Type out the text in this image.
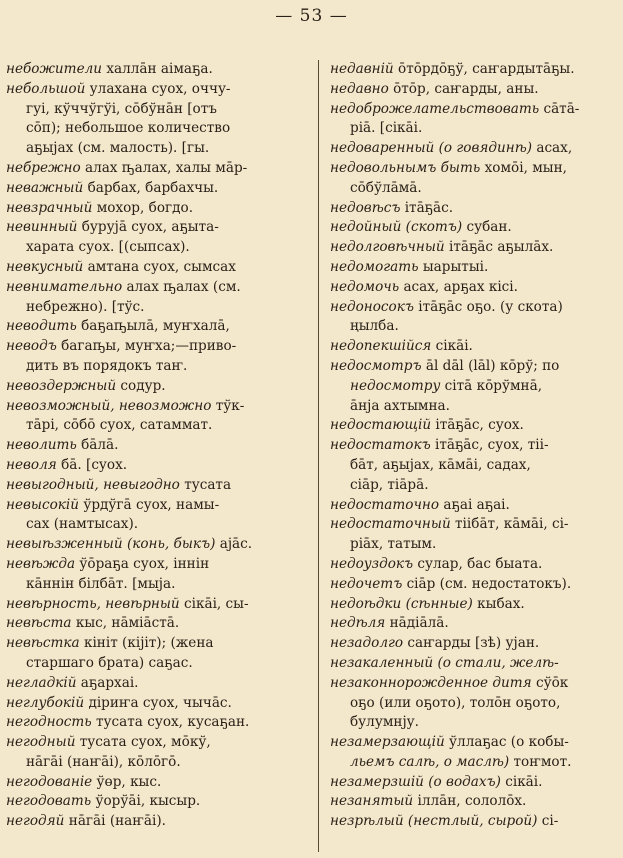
— 53 —
небожители халлāн аiмаҕа.
небольшой улахана суох, оччу-
гуi, кўччўгўi, сōбўнāн [отъ
сōп); небольшое количество
аҕыјах (см. малость). [гы.
небрежно алах ҧалах, халы мāр-
неважный барбах, барбахчы.
невзрачный мохор, богдо.
невинный бурујā суох, аҕыта-
харата суох. [(сыпсах).
невкусный амтана суох, сымсах
невнимательно алах ҧалах (см.
небрежно). [тўс.
неводить баҕаҧылā, муҥхалā,
неводъ багаҧы, муҥха;—приво-
дить въ порядокъ таҥ.
невоздержный содур.
невозможный, невозможно тўк-
тāрi, сōбō суох, сатаммат.
неволить бāлā.
неволя бā. [суох.
невыгодный, невыгодно тусата
невысокiй ўрдўгā суох, намы-
сах (намтысах).
невыѣзженный (конь, быкъ) ајāс.
невѣжда ўōраҕа суох, iннiн
кāннiн бiлбāт. [мыја.
невѣрность, невѣрный сiкāi, сы-
невѣста кыс, нāмiāстā.
невѣстка кiнiт (кiјiт); (жена
старшаго брата) саҕас.
негладкiй аҕархаi.
неглубокiй дiриҥа суох, чычāс.
негодность тусата суох, кусаҕан.
негодный тусата суох, мōкў,
нāгāi (наҥāi), кōлōгō.
негодованiе ўөр, кыс.
негодовать ўорўāi, кысыр.
негодяй нāгāi (наҥāi).
недавнiй ōтōрдōҕў, саҥардытāҕы.
недавно ōтōр, саҥарды, аны.
недоброжелательствовать сāтā-
рiā. [сiкāi.
недоваренный (о говядинѣ) асах,
недовольнымъ быть хомōi, мын,
сōбўлāмā.
недовѣсъ iтāҕāс.
недойный (скотъ) субан.
недолговѣчный iтāҕāс аҕылāх.
недомогать ыарытыi.
недомочь асах, арҕах кiсi.
недоносокъ iтāҕāс оҕо. (у скота)
ңылба.
недопекшiйся сiкāi.
недосмотръ āl dāl (lāl) кōрў; по
недосмотру сiтā кōрўмнā,
āнја ахтымна.
недостающiй iтāҕāс, суох.
недостатокъ iтāҕāс, суох, тii-
бāт, аҕыјах, кāмāi, садах,
сiāр, тiāрā.
недостаточно аҕаi аҕаi.
недостаточный тiiбāт, кāмāi, сi-
рiāх, татым.
недоуздокъ сулар, бас быата.
недочетъ сiāр (см. недостатокъ).
недоѣдки (сѣнные) кыбах.
недѣля нāдiāлā.
незадолго саҥарды [зѣ) ујан.
незакаленный (о стали, желѣ-
незаконнорожденное дитя сўōк
оҕо (или оҕото), толōн оҕото,
булумнју.
незамерзающiй ўллаҕас (о кобы-
льемъ салѣ, о маслѣ) тоҥмот.
незамерзшiй (о водахъ) сiкāi.
незанятый iллāн, сололōх.
незрѣлый (нестлый, сырой) сi-
